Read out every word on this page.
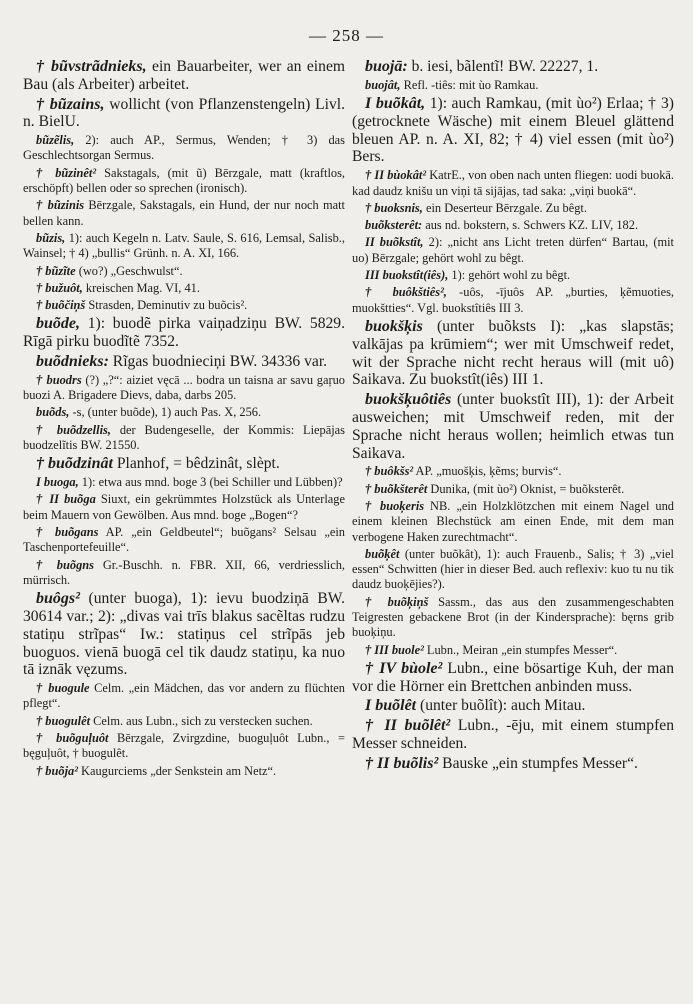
— 258 —

† bũvstrãdnieks, ein Bauarbeiter, wer an einem Bau (als Arbeiter) arbeitet.

† bũzains, wollicht (von Pflanzenstengeln) Livl. n. BielU.

bũzẽlis, 2): auch AP., Sermus, Wenden; † 3) das Geschlechtsorgan Sermus.

† bũzinêt² Sakstagals, (mit ũ) Bērzgale, matt (kraftlos, erschöpft) bellen oder so sprechen (ironisch).

† bũzinis Bērzgale, Sakstagals, ein Hund, der nur noch matt bellen kann.

bũzis, 1): auch Kegeln n. Latv. Saule, S. 616, Lemsal, Salisb., Wainsel; † 4) „bullis“ Grünh. n. A. XI, 166.

† bũzĩte (wo?) „Geschwulst“.

† bužuôt, kreischen Mag. VI, 41.

† buõčiņš Strasden, Deminutiv zu buõcis².

buõde, 1): buodẽ pirka vaiņadziņu BW. 5829. Rīgā pirku buodĩtẽ 7352.

buõdnieks: Rĩgas buodnieciņi BW. 34336 var.

† buodrs (?) „?“: aiziet vęcā ... bodra un taisna ar savu gaŗuo buozi A. Brigadere Dievs, daba, darbs 205.

buõds, -s, (unter buõde), 1) auch Pas. X, 256.

† buõdzellis, der Budengeselle, der Kommis: Liepājas buodzelĩtis BW. 21550.

† buõdzinât Planhof, = bêdzinât, slèpt.

I buoga, 1): etwa aus mnd. boge 3 (bei Schiller und Lübben)?

† II buõga Siuxt, ein gekrümmtes Holzstück als Unterlage beim Mauern von Gewölben. Aus mnd. boge „Bogen“?

† buõgans AP. „ein Geldbeutel“; buõgans² Selsau „ein Taschenportefeuille“.

† buõgns Gr.-Buschh. n. FBR. XII, 66, verdriesslich, mürrisch.

buôgs² (unter buoga), 1): ievu buodziņā BW. 30614 var.; 2): „divas vai trīs blakus sacẽltas rudzu statiņu strĩpas“ Iw.: statiņus cel strĩpās jeb buoguos. vienā buogā cel tik daudz statiņu, ka nuo tā iznāk vęzums.

† buogule Celm. „ein Mädchen, das vor andern zu flüchten pflegt“.

† buogulêt Celm. aus Lubn., sich zu verstecken suchen.

† buõguļuôt Bērzgale, Zvirgzdine, buoguļuôt Lubn., = bęguļuôt, † buogulêt.

† buõja² Kaugurciems „der Senkstein am Netz“.

buojā: b. iesi, bãlentĩ! BW. 22227, 1.

buojât, Refl. -tiês: mit ùo Ramkau.

I buõkât, 1): auch Ramkau, (mit ùo²) Erlaa; † 3) (getrocknete Wäsche) mit einem Bleuel glättend bleuen AP. n. A. XI, 82; † 4) viel essen (mit ùo²) Bers.

† II bùokât² KatrE., von oben nach unten fliegen: uodi buokā. kad daudz knišu un viņi tā sijājas, tad saka: „viņi buokā“.

† buoksnis, ein Deserteur Bērzgale. Zu bêgt.

buõksterêt: aus nd. bokstern, s. Schwers KZ. LIV, 182.

II buõkstît, 2): „nicht ans Licht treten dürfen“ Bartau, (mit uo) Bērzgale; gehört wohl zu bêgt.

III buokstît(iês), 1): gehört wohl zu bêgt.

† buôkštiês², -uôs, -ījuôs AP. „burties, ķẽmuoties, muokštties“. Vgl. buokstîtiês III 3.

buokšķis (unter buõksts I): „kas slapstās; valkājas pa krūmiem“; wer mit Umschweif redet, wit der Sprache nicht recht heraus will (mit uô) Saikava. Zu buokstît(iês) III 1.

buokšķuôtiês (unter buokstît III), 1): der Arbeit ausweichen; mit Umschweif reden, mit der Sprache nicht heraus wollen; heimlich etwas tun Saikava.

† buôkšs² AP. „muošķis, ķẽms; burvis“.

† buõkšterêt Dunika, (mit ùo²) Oknist, = buõksterêt.

† buoķeris NB. „ein Holzklötzchen mit einem Nagel und einem kleinen Blechstück am einen Ende, mit dem man verbogene Haken zurechtmacht“.

buõķêt (unter buõkât), 1): auch Frauenb., Salis; † 3) „viel essen“ Schwitten (hier in dieser Bed. auch reflexiv: kuo tu nu tik daudz buoķējies?).

† buõķiņš Sassm., das aus den zusammengeschabten Teigresten gebackene Brot (in der Kindersprache): bęrns grib buoķiņu.

† III buole² Lubn., Meiran „ein stumpfes Messer“.

† IV bùole² Lubn., eine bösartige Kuh, der man vor die Hörner ein Brettchen anbinden muss.

I buõlêt (unter buõlît): auch Mitau.

† II buõlêt² Lubn., -ēju, mit einem stumpfen Messer schneiden.

† II buõlis² Bauske „ein stumpfes Messer“.
